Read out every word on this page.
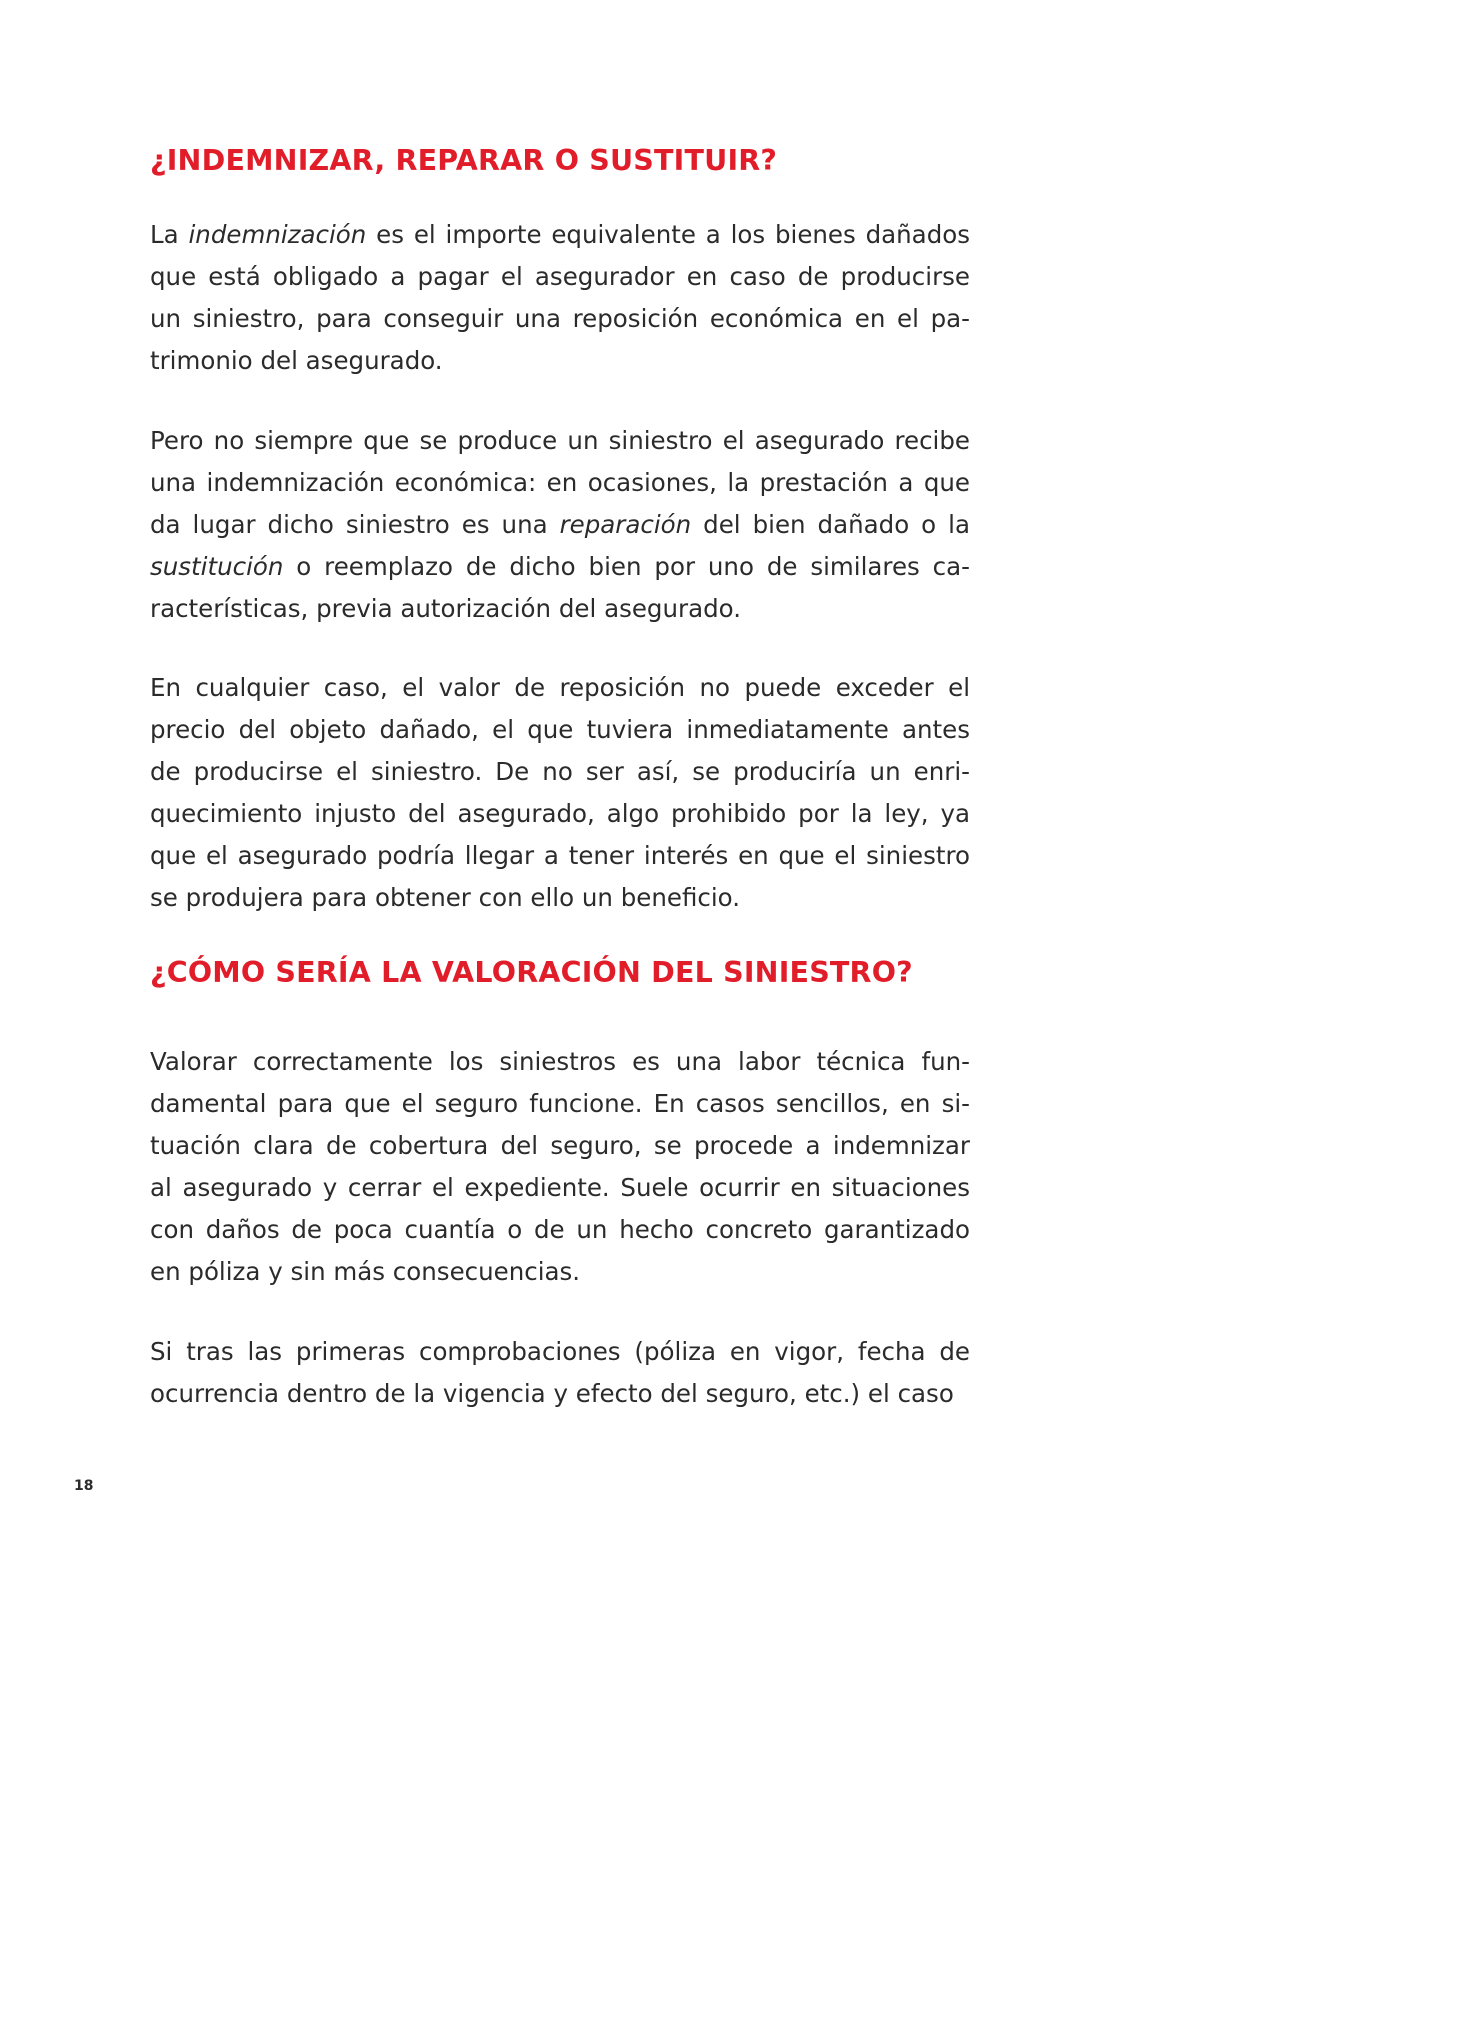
¿INDEMNIZAR, REPARAR O SUSTITUIR?
La indemnización es el importe equivalente a los bienes dañados
que está obligado a pagar el asegurador en caso de producirse
un siniestro, para conseguir una reposición económica en el pa-
trimonio del asegurado.
Pero no siempre que se produce un siniestro el asegurado recibe
una indemnización económica: en ocasiones, la prestación a que
da lugar dicho siniestro es una reparación del bien dañado o la
sustitución o reemplazo de dicho bien por uno de similares ca-
racterísticas, previa autorización del asegurado.
En cualquier caso, el valor de reposición no puede exceder el
precio del objeto dañado, el que tuviera inmediatamente antes
de producirse el siniestro. De no ser así, se produciría un enri-
quecimiento injusto del asegurado, algo prohibido por la ley, ya
que el asegurado podría llegar a tener interés en que el siniestro
se produjera para obtener con ello un beneficio.
¿CÓMO SERÍA LA VALORACIÓN DEL SINIESTRO?
Valorar correctamente los siniestros es una labor técnica fun-
damental para que el seguro funcione. En casos sencillos, en si-
tuación clara de cobertura del seguro, se procede a indemnizar
al asegurado y cerrar el expediente. Suele ocurrir en situaciones
con daños de poca cuantía o de un hecho concreto garantizado
en póliza y sin más consecuencias.
Si tras las primeras comprobaciones (póliza en vigor, fecha de
ocurrencia dentro de la vigencia y efecto del seguro, etc.) el caso
18
